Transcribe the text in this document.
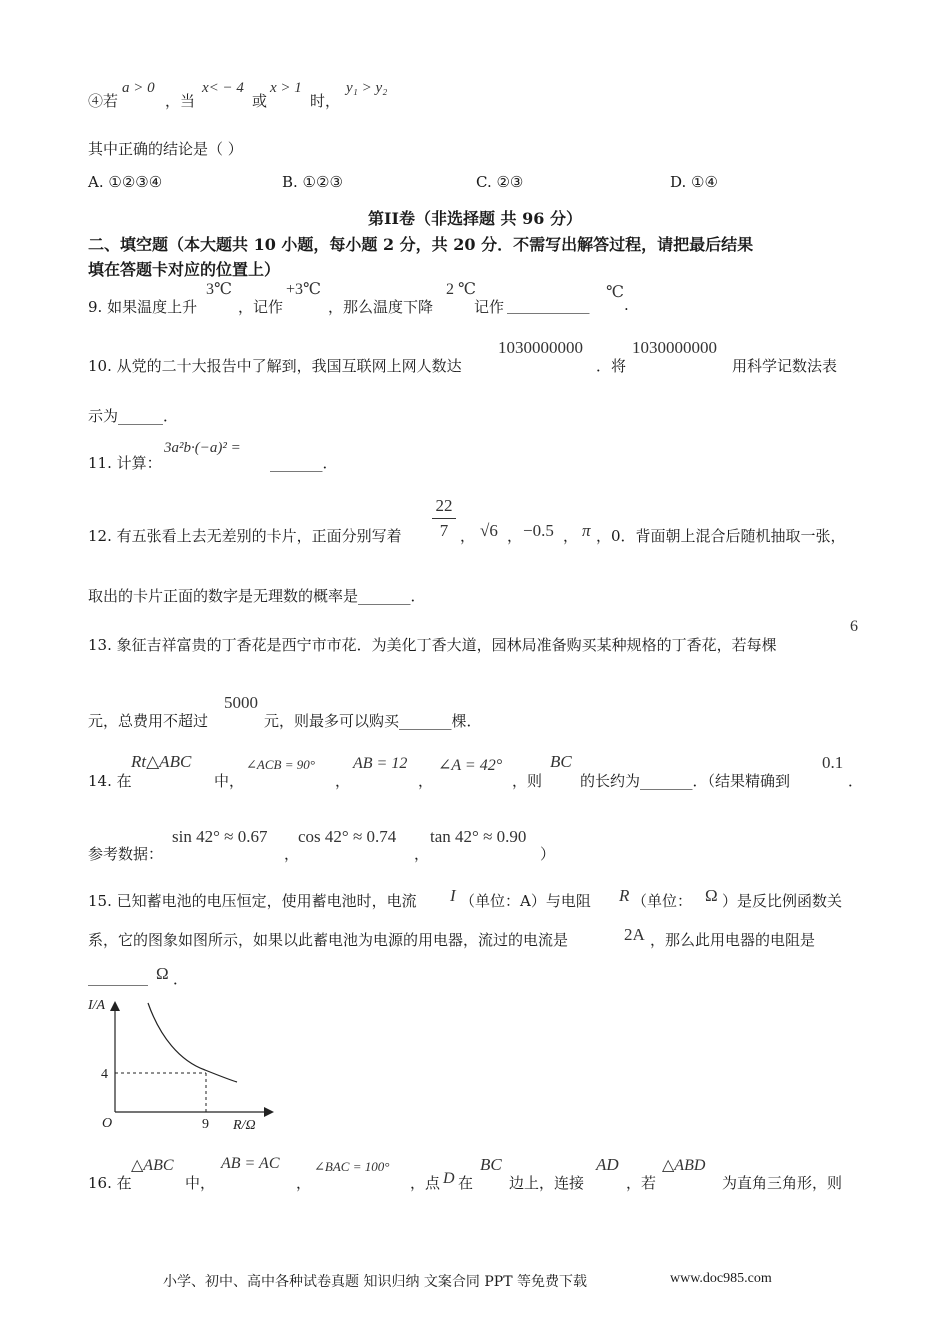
④若
a > 0
，当
x< − 4
或
x > 1
时，
y₁ > y₂
其中正确的结论是（ ）
A. ①②③④	B. ①②③	C. ②③	D. ①④
第II卷（非选择题 共 96 分）
二、填空题（本大题共 10 小题，每小题 2 分，共 20 分．不需写出解答过程，请把最后结果
填在答题卡对应的位置上）
9. 如果温度上升
3℃
，记作
+3℃
，那么温度下降
2 ℃
记作 ___________
℃
.
10. 从党的二十大报告中了解到，我国互联网上网人数达
1030000000
．将
1030000000
用科学记数法表
示为______．
11. 计算：
3a²b·(−a)² =
_______．
12. 有五张看上去无差别的卡片，正面分别写着
22
7 ， √6 ， −0.5 ， π ，0．背面朝上混合后随机抽取一张，
取出的卡片正面的数字是无理数的概率是_______．
13. 象征吉祥富贵的丁香花是西宁市市花．为美化丁香大道，园林局准备购买某种规格的丁香花，若每棵
6
元，总费用不超过
5000
元，则最多可以购买_______棵．
14. 在
Rt△ABC
中，
∠ACB = 90°
，
AB = 12
，
∠A = 42°
，则
BC
的长约为_______．（结果精确到
0.1
．
参考数据：
sin 42° ≈ 0.67
，
cos 42° ≈ 0.74
，
tan 42° ≈ 0.90
）
15. 已知蓄电池的电压恒定，使用蓄电池时，电流 I （单位：A）与电阻 R （单位： Ω ）是反比例函数关
系，它的图象如图所示，如果以此蓄电池为电源的用电器，流过的电流是	2A ，那么此用电器的电阻是
________ Ω ．
I/A
R/Ω
O
4
9
16. 在
△ABC
中，
AB = AC
，
∠BAC = 100°
，点 D 在
BC
边上，连接
AD
，若
△ABD
为直角三角形，则
小学、初中、高中各种试卷真题 知识归纳 文案合同 PPT 等免费下载	www.doc985.com
